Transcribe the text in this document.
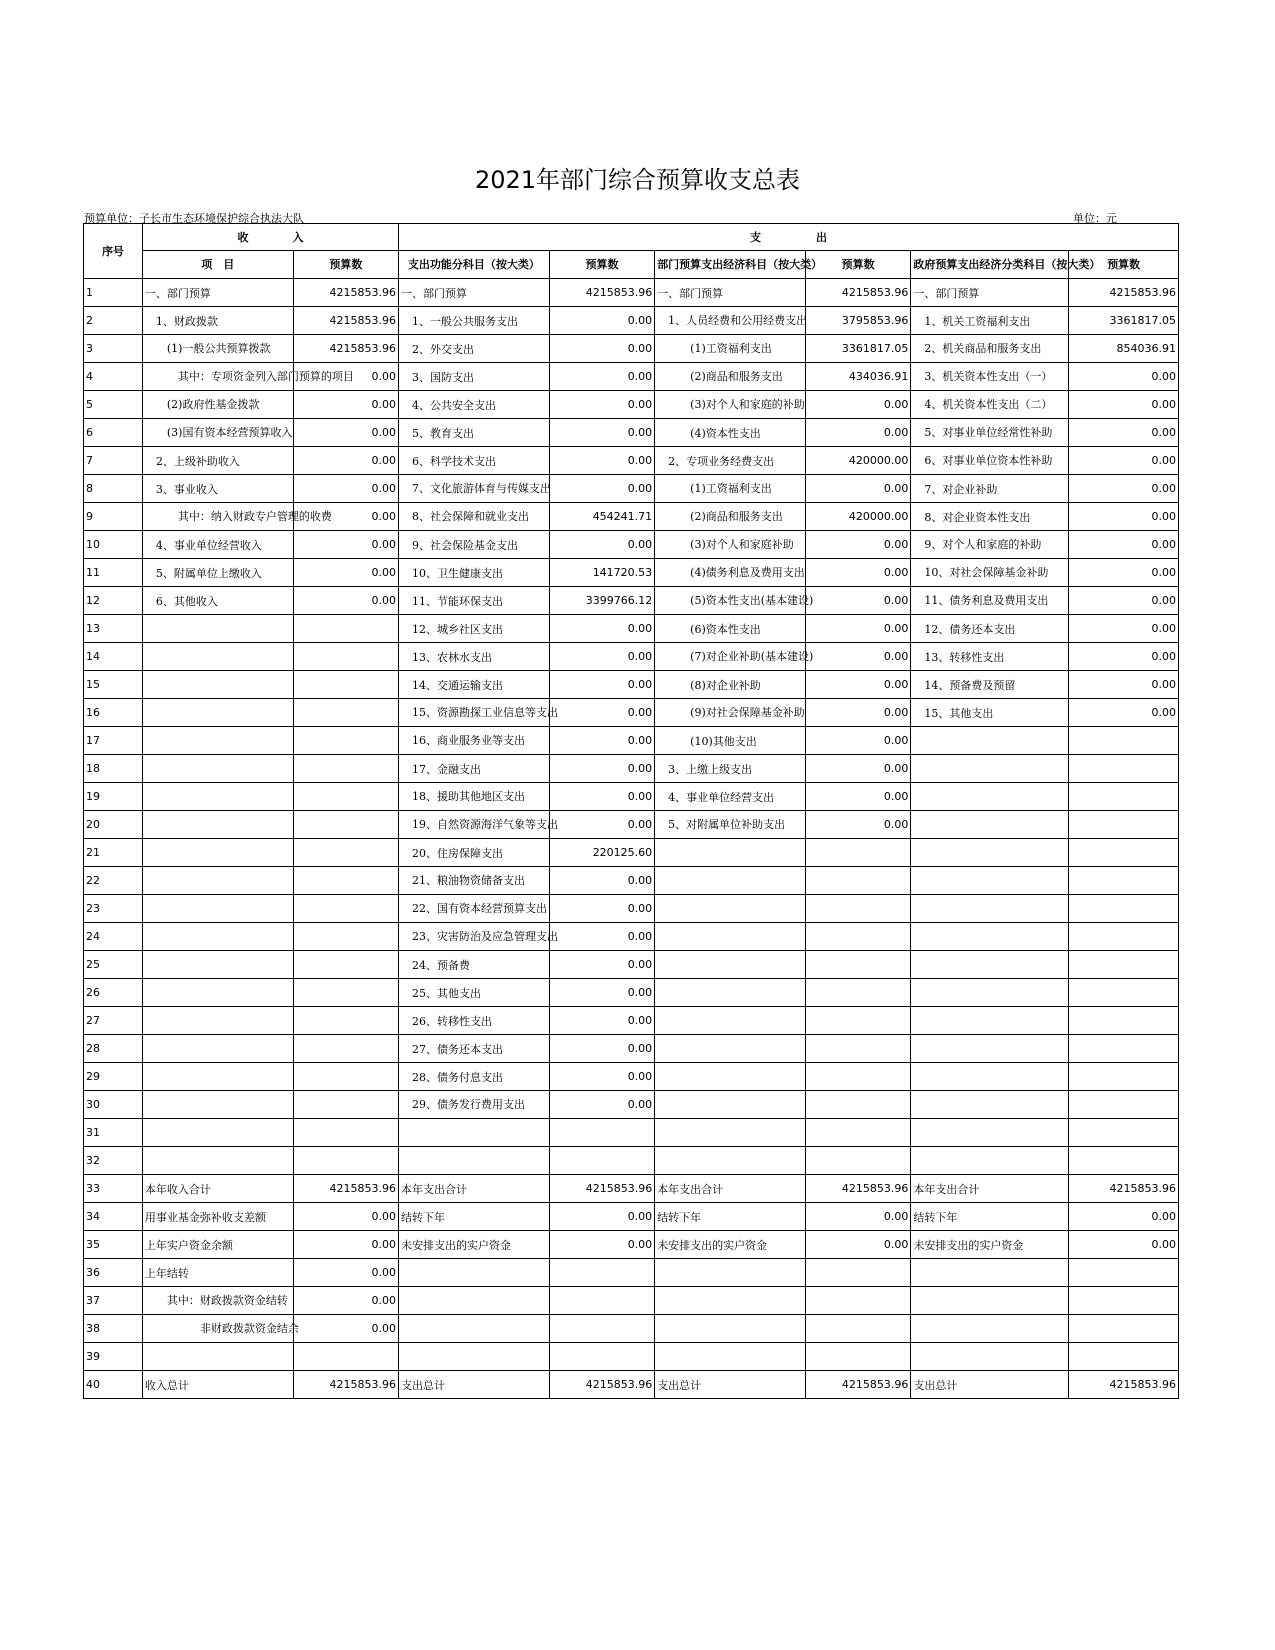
2021年部门综合预算收支总表
预算单位：子长市生态环境保护综合执法大队	单位：元
序号	收　　　　入		支　　　　　出					
	项　目	预算数	支出功能分科目（按大类）	预算数	部门预算支出经济科目（按大类）	预算数	政府预算支出经济分类科目（按大类）	预算数
1	一、部门预算	4215853.96	一、部门预算	4215853.96	一、部门预算	4215853.96	一、部门预算	4215853.96
2	　1、财政拨款	4215853.96	　1、一般公共服务支出	0.00	　1、人员经费和公用经费支出	3795853.96	　1、机关工资福利支出	3361817.05
3	　　(1)一般公共预算拨款	4215853.96	　2、外交支出	0.00	　　　(1)工资福利支出	3361817.05	　2、机关商品和服务支出	854036.91
4	　　　其中：专项资金列入部门预算的项目	0.00	　3、国防支出	0.00	　　　(2)商品和服务支出	434036.91	　3、机关资本性支出（一）	0.00
5	　　(2)政府性基金拨款	0.00	　4、公共安全支出	0.00	　　　(3)对个人和家庭的补助	0.00	　4、机关资本性支出（二）	0.00
6	　　(3)国有资本经营预算收入	0.00	　5、教育支出	0.00	　　　(4)资本性支出	0.00	　5、对事业单位经常性补助	0.00
7	　2、上级补助收入	0.00	　6、科学技术支出	0.00	　2、专项业务经费支出	420000.00	　6、对事业单位资本性补助	0.00
8	　3、事业收入	0.00	　7、文化旅游体育与传媒支出	0.00	　　　(1)工资福利支出	0.00	　7、对企业补助	0.00
9	　　　其中：纳入财政专户管理的收费	0.00	　8、社会保障和就业支出	454241.71	　　　(2)商品和服务支出	420000.00	　8、对企业资本性支出	0.00
10	　4、事业单位经营收入	0.00	　9、社会保险基金支出	0.00	　　　(3)对个人和家庭补助	0.00	　9、对个人和家庭的补助	0.00
11	　5、附属单位上缴收入	0.00	　10、卫生健康支出	141720.53	　　　(4)债务利息及费用支出	0.00	　10、对社会保障基金补助	0.00
12	　6、其他收入	0.00	　11、节能环保支出	3399766.12	　　　(5)资本性支出(基本建设)	0.00	　11、债务利息及费用支出	0.00
13			　12、城乡社区支出	0.00	　　　(6)资本性支出	0.00	　12、债务还本支出	0.00
14			　13、农林水支出	0.00	　　　(7)对企业补助(基本建设)	0.00	　13、转移性支出	0.00
15			　14、交通运输支出	0.00	　　　(8)对企业补助	0.00	　14、预备费及预留	0.00
16			　15、资源勘探工业信息等支出	0.00	　　　(9)对社会保障基金补助	0.00	　15、其他支出	0.00
17			　16、商业服务业等支出	0.00	　　　(10)其他支出	0.00		
18			　17、金融支出	0.00	　3、上缴上级支出	0.00		
19			　18、援助其他地区支出	0.00	　4、事业单位经营支出	0.00		
20			　19、自然资源海洋气象等支出	0.00	　5、对附属单位补助支出	0.00		
21			　20、住房保障支出	220125.60				
22			　21、粮油物资储备支出	0.00				
23			　22、国有资本经营预算支出	0.00				
24			　23、灾害防治及应急管理支出	0.00				
25			　24、预备费	0.00				
26			　25、其他支出	0.00				
27			　26、转移性支出	0.00				
28			　27、债务还本支出	0.00				
29			　28、债务付息支出	0.00				
30			　29、债务发行费用支出	0.00				
31								
32								
33	本年收入合计	4215853.96	本年支出合计	4215853.96	本年支出合计	4215853.96	本年支出合计	4215853.96
34	用事业基金弥补收支差额	0.00	结转下年	0.00	结转下年	0.00	结转下年	0.00
35	上年实户资金余额	0.00	未安排支出的实户资金	0.00	未安排支出的实户资金	0.00	未安排支出的实户资金	0.00
36	上年结转	0.00						
37	　　其中：财政拨款资金结转	0.00						
38	　　　　　非财政拨款资金结余	0.00						
39								
40	收入总计	4215853.96	支出总计	4215853.96	支出总计	4215853.96	支出总计	4215853.96
